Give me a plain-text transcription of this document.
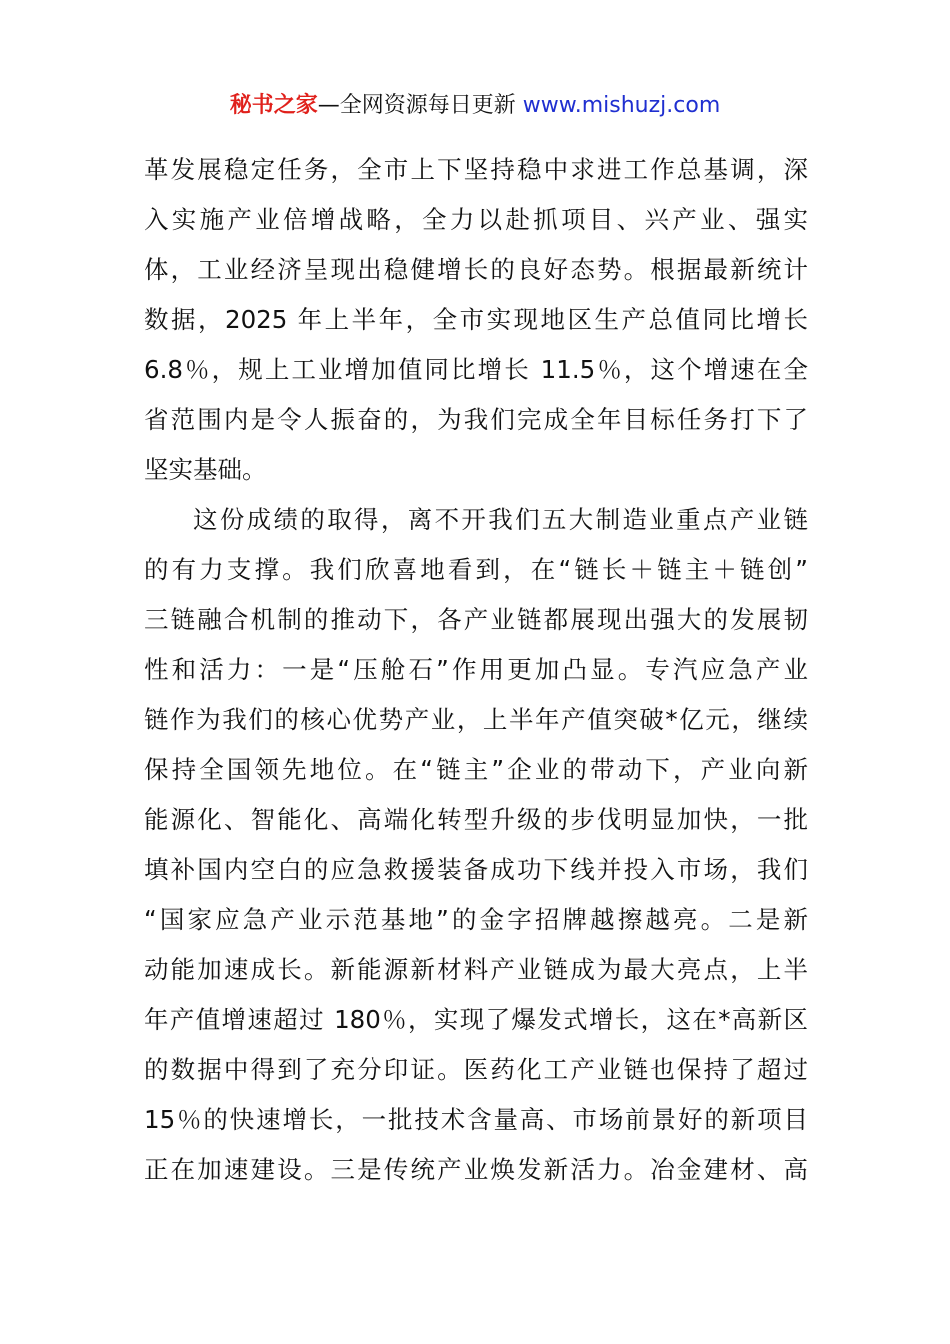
秘书之家—全网资源每日更新 www.mishuzj.com
革发展稳定任务，全市上下坚持稳中求进工作总基调，深
入实施产业倍增战略，全力以赴抓项目、兴产业、强实
体，工业经济呈现出稳健增长的良好态势。根据最新统计
数据，2025 年上半年，全市实现地区生产总值同比增长
6.8％，规上工业增加值同比增长 11.5％，这个增速在全
省范围内是令人振奋的，为我们完成全年目标任务打下了
坚实基础。
这份成绩的取得，离不开我们五大制造业重点产业链
的有力支撑。我们欣喜地看到，在“链长＋链主＋链创”
三链融合机制的推动下，各产业链都展现出强大的发展韧
性和活力：一是“压舱石”作用更加凸显。专汽应急产业
链作为我们的核心优势产业，上半年产值突破*亿元，继续
保持全国领先地位。在“链主”企业的带动下，产业向新
能源化、智能化、高端化转型升级的步伐明显加快，一批
填补国内空白的应急救援装备成功下线并投入市场，我们
“国家应急产业示范基地”的金字招牌越擦越亮。二是新
动能加速成长。新能源新材料产业链成为最大亮点，上半
年产值增速超过 180％，实现了爆发式增长，这在*高新区
的数据中得到了充分印证。医药化工产业链也保持了超过
15％的快速增长，一批技术含量高、市场前景好的新项目
正在加速建设。三是传统产业焕发新活力。冶金建材、高
